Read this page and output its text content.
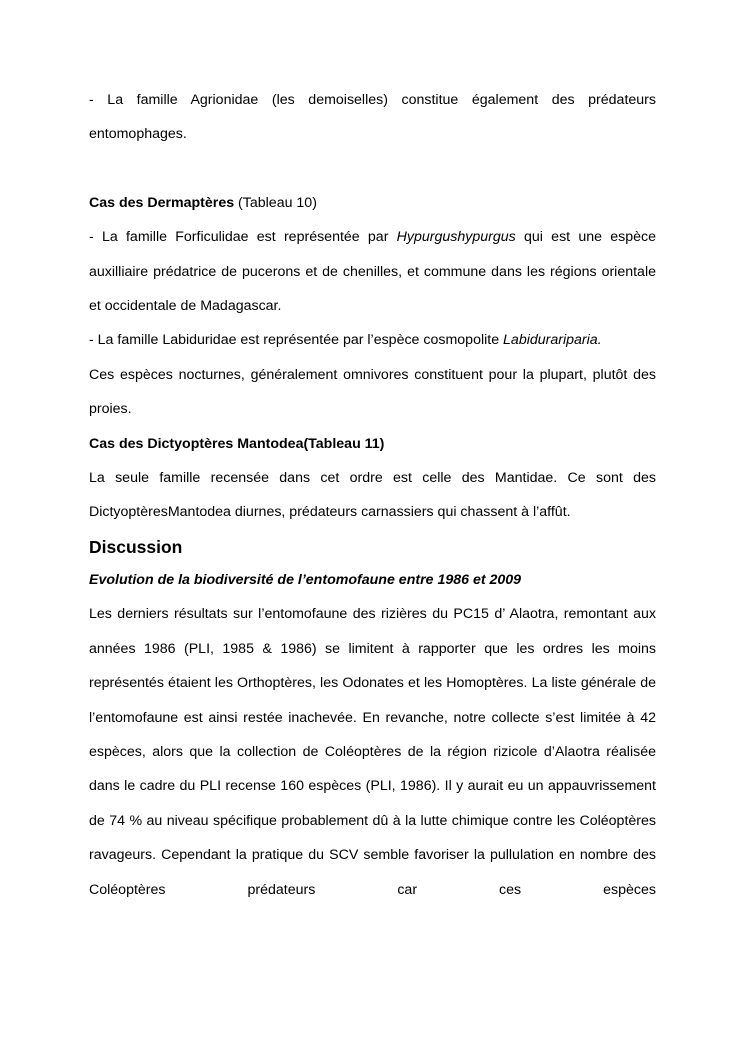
- La famille Agrionidae (les demoiselles) constitue également des prédateurs entomophages.

Cas des Dermaptères (Tableau 10)

- La famille Forficulidae est représentée par Hypurgushypurgus qui est une espèce auxilliaire prédatrice de pucerons et de chenilles, et commune dans les régions orientale et occidentale de Madagascar.

- La famille Labiduridae est représentée par l’espèce cosmopolite Labidurariparia.

Ces espèces nocturnes, généralement omnivores constituent pour la plupart, plutôt des proies.

Cas des Dictyoptères Mantodea(Tableau 11)

La seule famille recensée dans cet ordre est celle des Mantidae. Ce sont des DictyoptèresMantodea diurnes, prédateurs carnassiers qui chassent à l’affût.

Discussion

Evolution de la biodiversité de l’entomofaune entre 1986 et 2009

Les derniers résultats sur l’entomofaune des rizières du PC15 d’ Alaotra, remontant aux années 1986 (PLI, 1985 & 1986) se limitent à rapporter que les ordres les moins représentés étaient les Orthoptères, les Odonates et les Homoptères. La liste générale de l’entomofaune est ainsi restée inachevée. En revanche, notre collecte s’est limitée à 42 espèces, alors que la collection de Coléoptères de la région rizicole d’Alaotra réalisée dans le cadre du PLI recense 160 espèces (PLI, 1986). Il y aurait eu un appauvrissement de 74 % au niveau spécifique probablement dû à la lutte chimique contre les Coléoptères ravageurs. Cependant la pratique du SCV semble favoriser la pullulation en nombre des Coléoptères prédateurs car ces espèces
